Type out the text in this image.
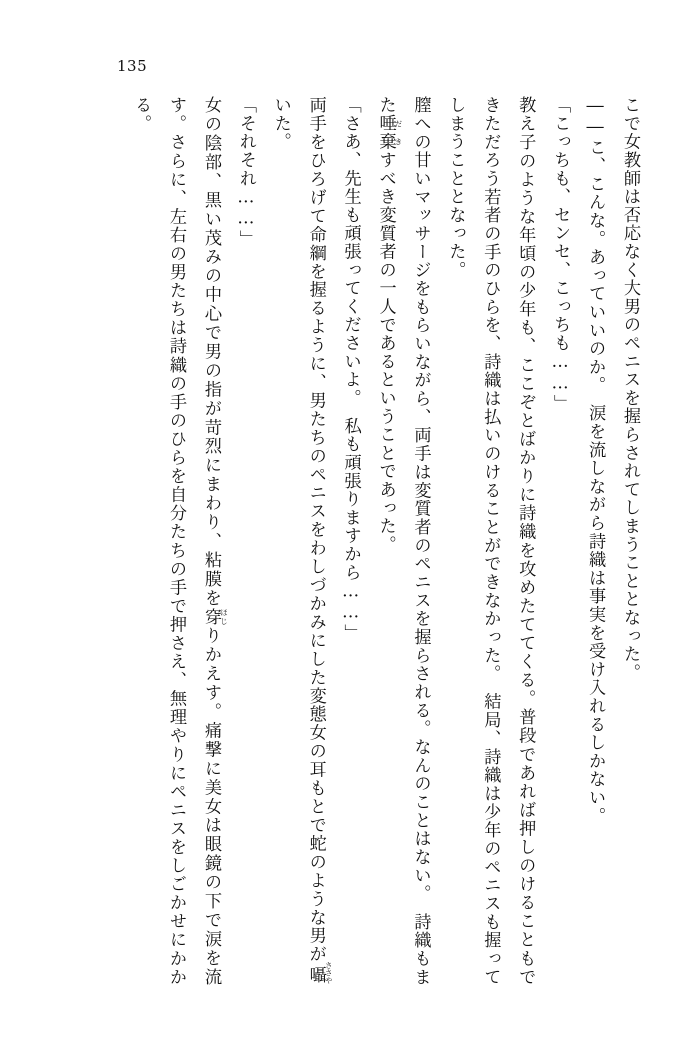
135

こで女教師は否応なく大男のペニスを握らされてしまうこととなった。

――こ、こんな。あっていいのか。　涙を流しながら詩織は事実を受け入れるしかない。

「こっちも、センセ、こっちも……」

教え子のような年頃の少年も、ここぞとばかりに詩織を攻めたててくる。普段であれば押しのけることもできただろう若者の手のひらを、詩織は払いのけることができなかった。　結局、詩織は少年のペニスも握ってしまうこととなった。

膣への甘いマッサージをもらいながら、両手は変質者のペニスを握らされる。なんのことはない。　詩織もまた唾棄だきすべき変質者の一人であるということであった。

「さあ、先生も頑張ってくださいよ。　私も頑張りますから……」

両手をひろげて命綱を握るように、男たちのペニスをわしづかみにした変態女の耳もとで蛇のような男が囁ささやいた。

「それそれ……」

女の陰部、黒い茂みの中心で男の指が苛烈にまわり、粘膜を穿ほじりかえす。痛撃に美女は眼鏡の下で涙を流す。さらに、左右の男たちは詩織の手のひらを自分たちの手で押さえ、無理やりにペニスをしごかせにかかる。
